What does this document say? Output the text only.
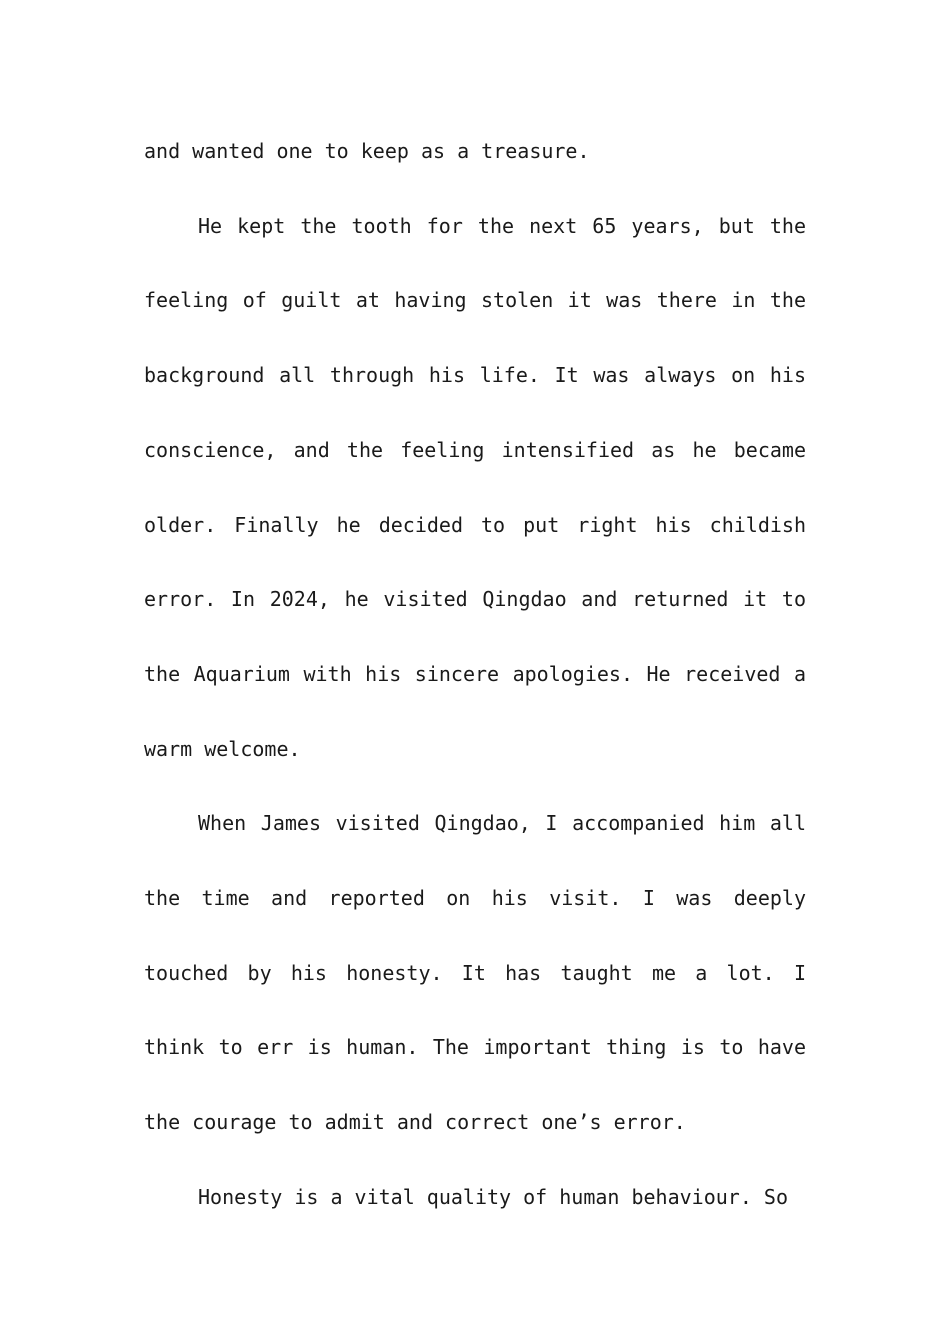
and wanted one to keep as a treasure.

He kept the tooth for the next 65 years, but the feeling of guilt at having stolen it was there in the background all through his life. It was always on his conscience, and the feeling intensified as he became older. Finally he decided to put right his childish error. In 2024, he visited Qingdao and returned it to the Aquarium with his sincere apologies. He received a warm welcome.

When James visited Qingdao, I accompanied him all the time and reported on his visit. I was deeply touched by his honesty. It has taught me a lot. I think to err is human. The important thing is to have the courage to admit and correct one’s error.

Honesty is a vital quality of human behaviour. So
